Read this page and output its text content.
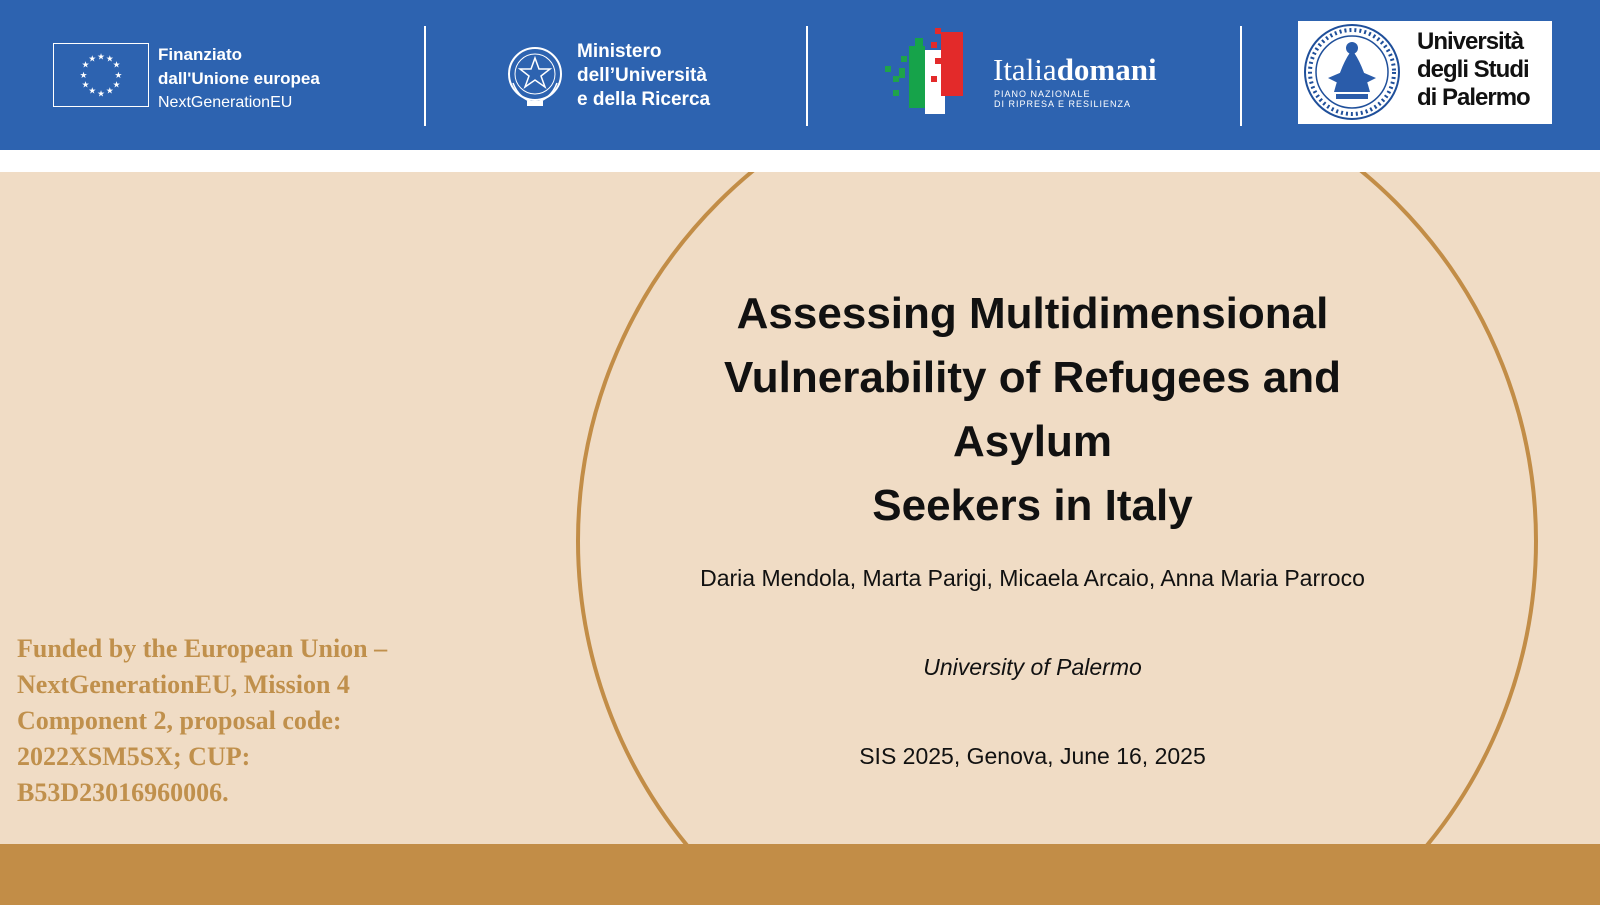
★ ★
★
★
★
★
★
★
★
★
★
★	Finanziato
dall'Unione europea
NextGenerationEU
Ministero
dell’Università
e della Ricerca
Italiadomani
PIANO NAZIONALE
DI RIPRESA E RESILIENZA
Università
degli Studi
di Palermo
Assessing Multidimensional
Vulnerability of Refugees and
Asylum
Seekers in Italy
Daria Mendola, Marta Parigi, Micaela Arcaio, Anna Maria Parroco
University of Palermo
SIS 2025, Genova, June 16, 2025
Funded by the European Union –
NextGenerationEU, Mission 4
Component 2, proposal code:
2022XSM5SX; CUP:
B53D23016960006.
